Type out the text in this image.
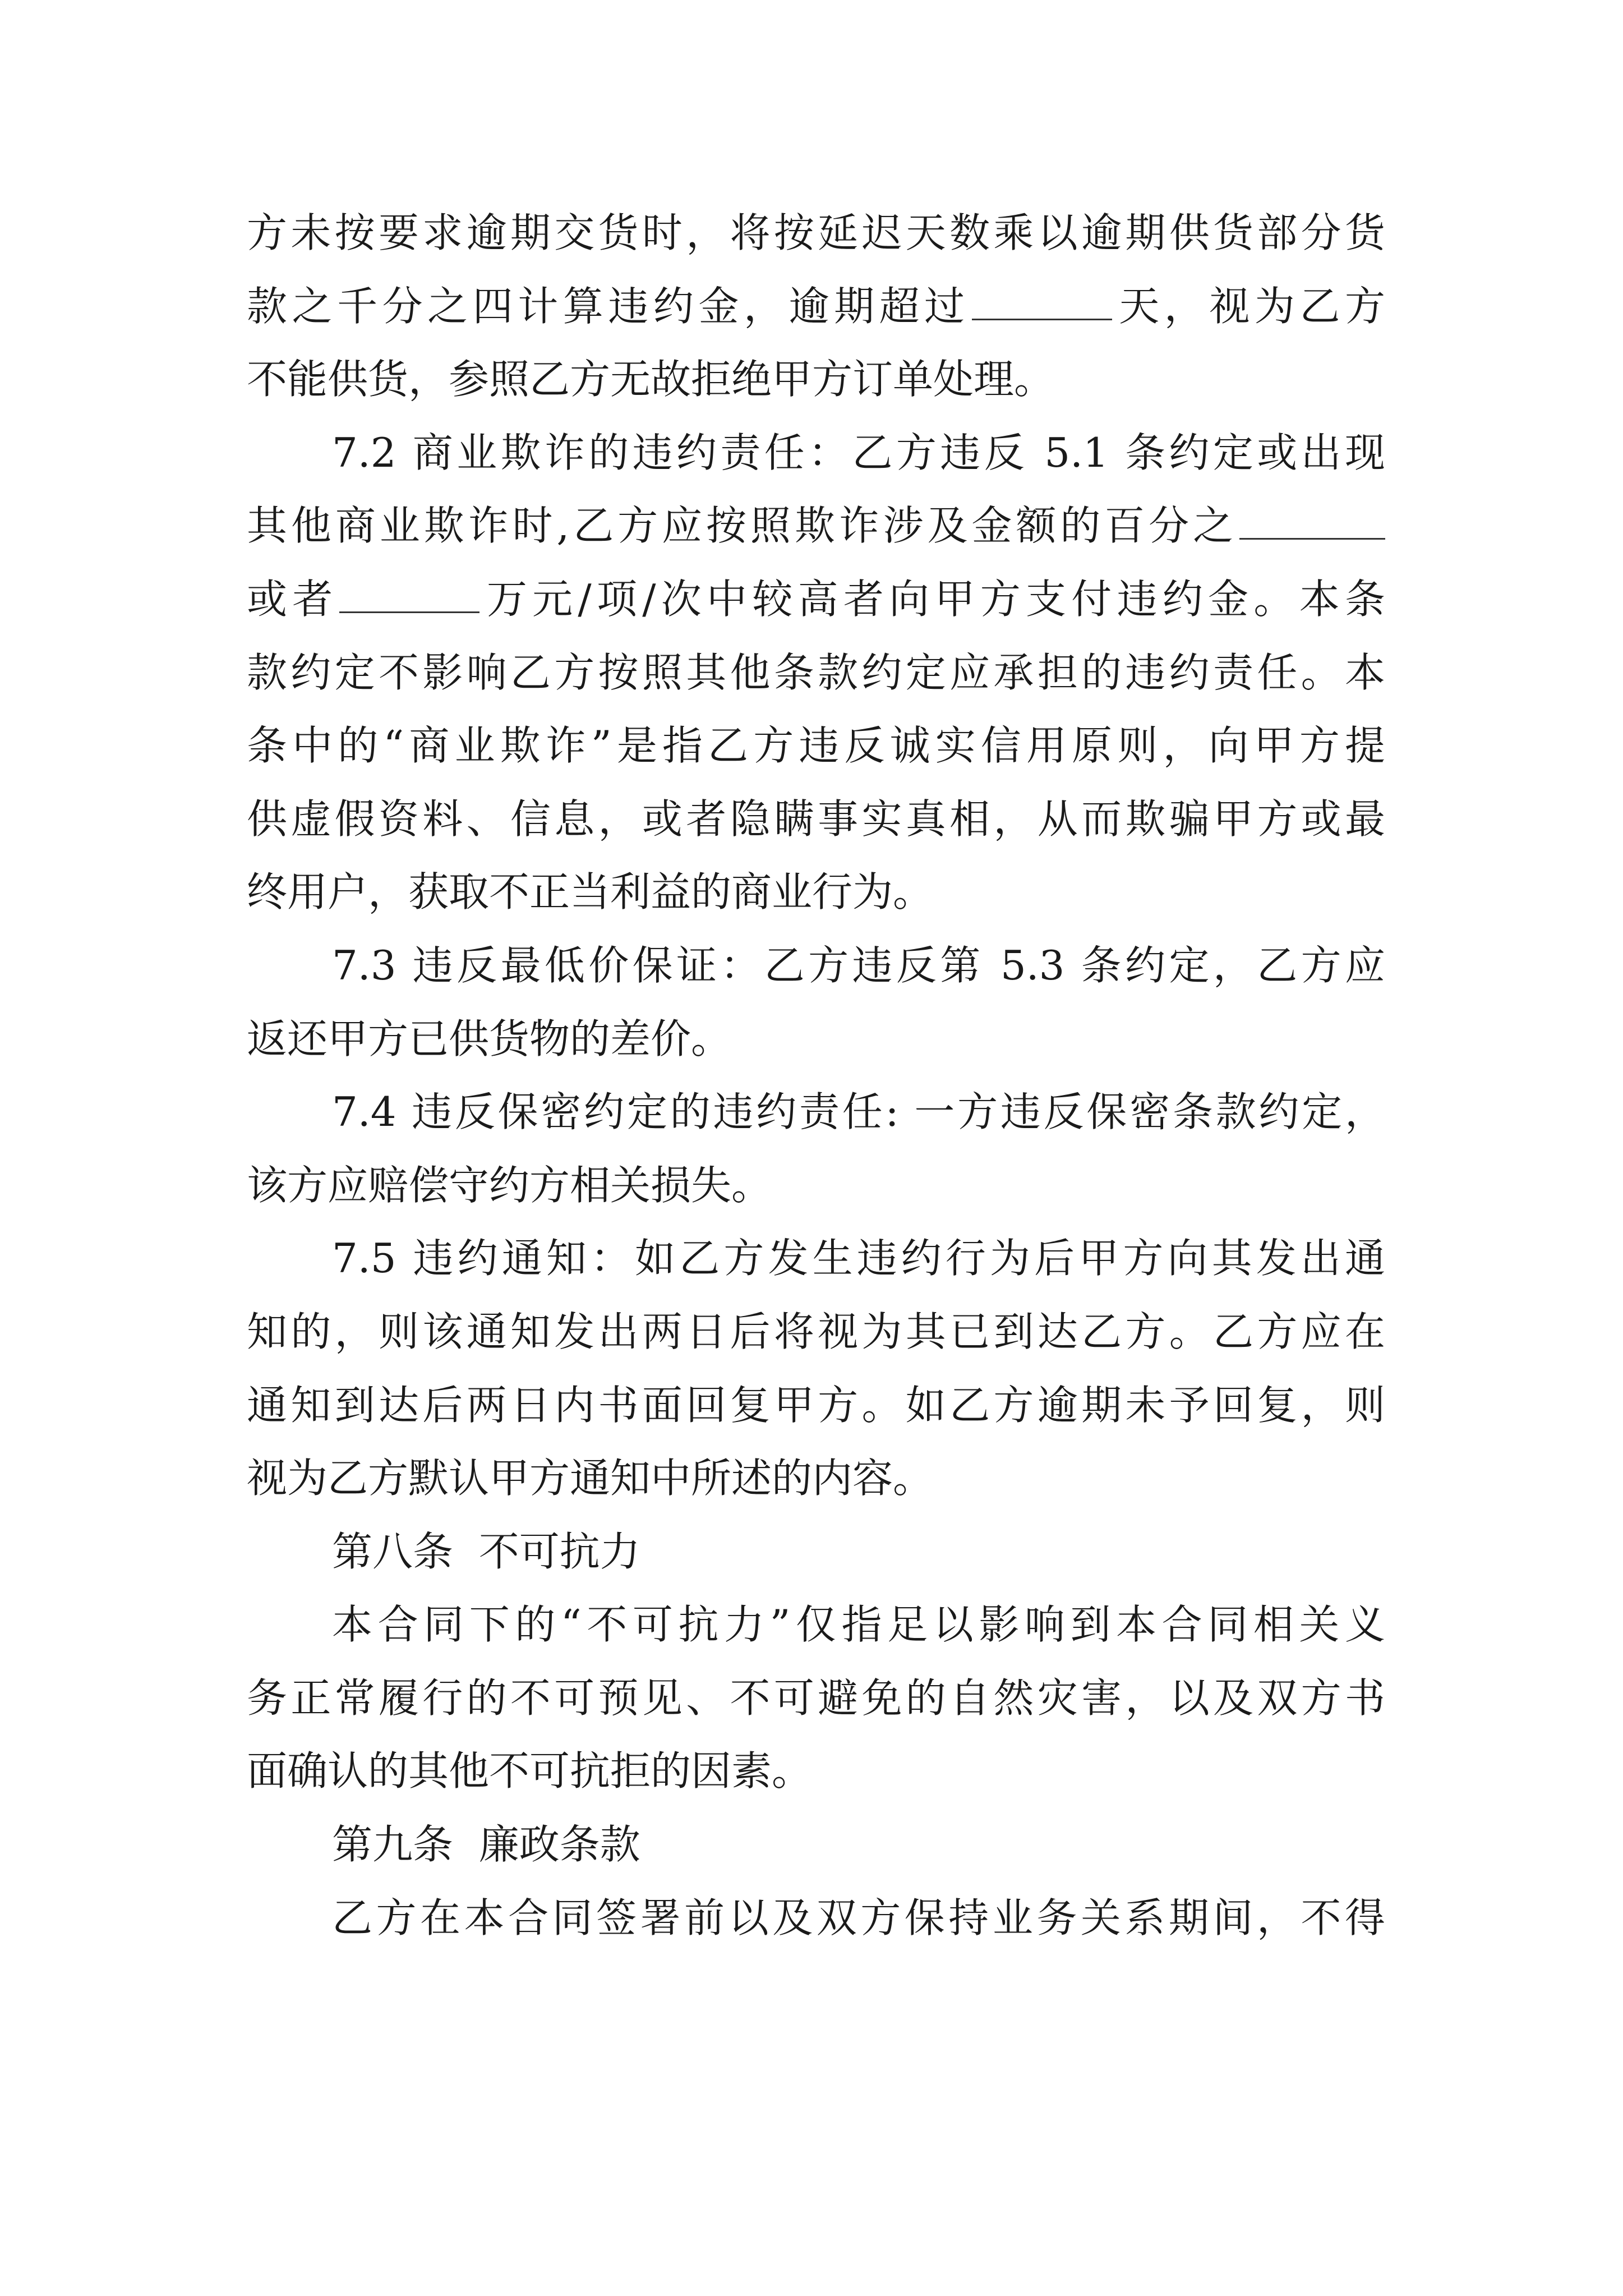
方未按要求逾期交货时，将按延迟天数乘以逾期供货部分货
款之千分之四计算违约金，逾期超过	天，视为乙方
不能供货，参照乙方无故拒绝甲方订单处理。
7.2 商业欺诈的违约责任：乙方违反 5.1 条约定或出现
其他商业欺诈时,乙方应按照欺诈涉及金额的百分之
或者	万元/项/次中较高者向甲方支付违约金。本条
款约定不影响乙方按照其他条款约定应承担的违约责任。本
条中的“商业欺诈”是指乙方违反诚实信用原则，向甲方提
供虚假资料、信息，或者隐瞒事实真相，从而欺骗甲方或最
终用户，获取不正当利益的商业行为。
7.3 违反最低价保证：乙方违反第 5.3 条约定，乙方应
返还甲方已供货物的差价。
7.4 违反保密约定的违约责任: 一方违反保密条款约定，
该方应赔偿守约方相关损失。
7.5 违约通知：如乙方发生违约行为后甲方向其发出通
知的，则该通知发出两日后将视为其已到达乙方。乙方应在
通知到达后两日内书面回复甲方。如乙方逾期未予回复，则
视为乙方默认甲方通知中所述的内容。
第八条  不可抗力
本合同下的“不可抗力”仅指足以影响到本合同相关义
务正常履行的不可预见、不可避免的自然灾害，以及双方书
面确认的其他不可抗拒的因素。
第九条  廉政条款
乙方在本合同签署前以及双方保持业务关系期间，不得
